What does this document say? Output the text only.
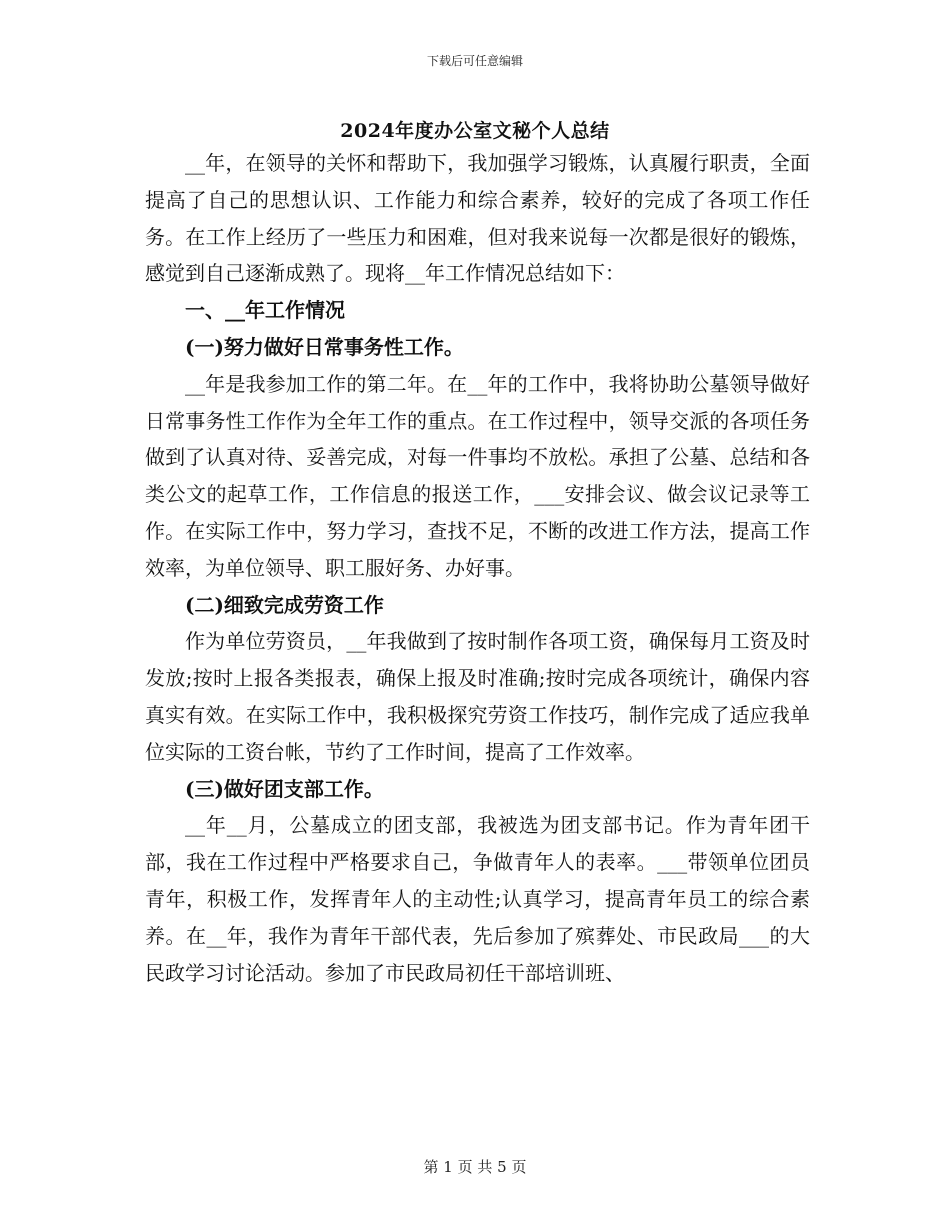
下载后可任意编辑
2024年度办公室文秘个人总结

__年，在领导的关怀和帮助下，我加强学习锻炼，认真履行职责，全面提高了自己的思想认识、工作能力和综合素养，较好的完成了各项工作任务。在工作上经历了一些压力和困难，但对我来说每一次都是很好的锻炼，感觉到自己逐渐成熟了。现将__年工作情况总结如下：

一、__年工作情况

(一)努力做好日常事务性工作。

__年是我参加工作的第二年。在__年的工作中，我将协助公墓领导做好日常事务性工作作为全年工作的重点。在工作过程中，领导交派的各项任务做到了认真对待、妥善完成，对每一件事均不放松。承担了公墓、总结和各类公文的起草工作，工作信息的报送工作，___安排会议、做会议记录等工作。在实际工作中，努力学习，查找不足，不断的改进工作方法，提高工作效率，为单位领导、职工服好务、办好事。

(二)细致完成劳资工作

作为单位劳资员，__年我做到了按时制作各项工资，确保每月工资及时发放;按时上报各类报表，确保上报及时准确;按时完成各项统计，确保内容真实有效。在实际工作中，我积极探究劳资工作技巧，制作完成了适应我单位实际的工资台帐，节约了工作时间，提高了工作效率。

(三)做好团支部工作。

__年__月，公墓成立的团支部，我被选为团支部书记。作为青年团干部，我在工作过程中严格要求自己，争做青年人的表率。___带领单位团员青年，积极工作，发挥青年人的主动性;认真学习，提高青年员工的综合素养。在__年，我作为青年干部代表，先后参加了殡葬处、市民政局___的大民政学习讨论活动。参加了市民政局初任干部培训班、

第 1 页 共 5 页
